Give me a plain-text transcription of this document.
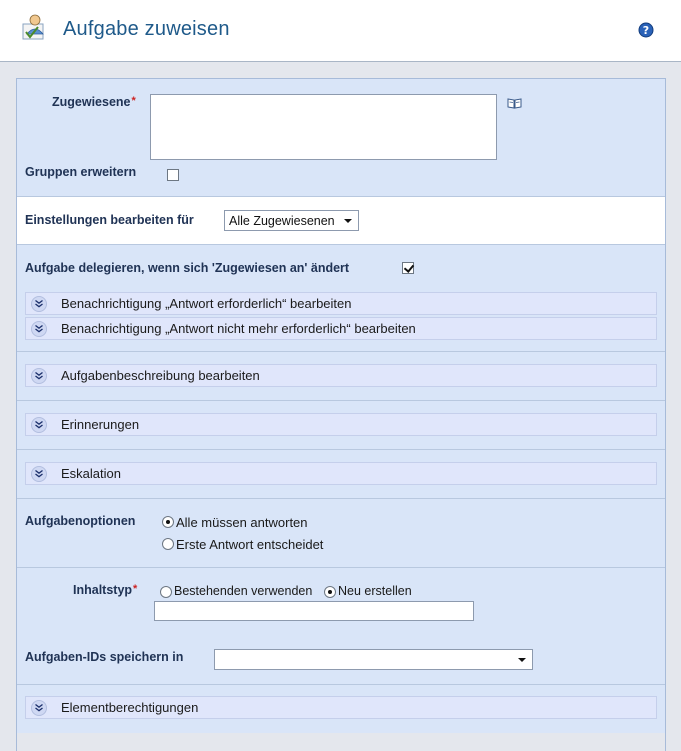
Aufgabe zuweisen	?
Zugewiesene*
Gruppen erweitern
Einstellungen bearbeiten für	Alle Zugewiesenen
Aufgabe delegieren, wenn sich 'Zugewiesen an' ändert
Benachrichtigung „Antwort erforderlich“ bearbeiten
Benachrichtigung „Antwort nicht mehr erforderlich“ bearbeiten
Aufgabenbeschreibung bearbeiten
Erinnerungen
Eskalation
Aufgabenoptionen	Alle müssen antworten
Erste Antwort entscheidet
Inhaltstyp*	Bestehenden verwenden Neu erstellen
Aufgaben-IDs speichern in
Elementberechtigungen
